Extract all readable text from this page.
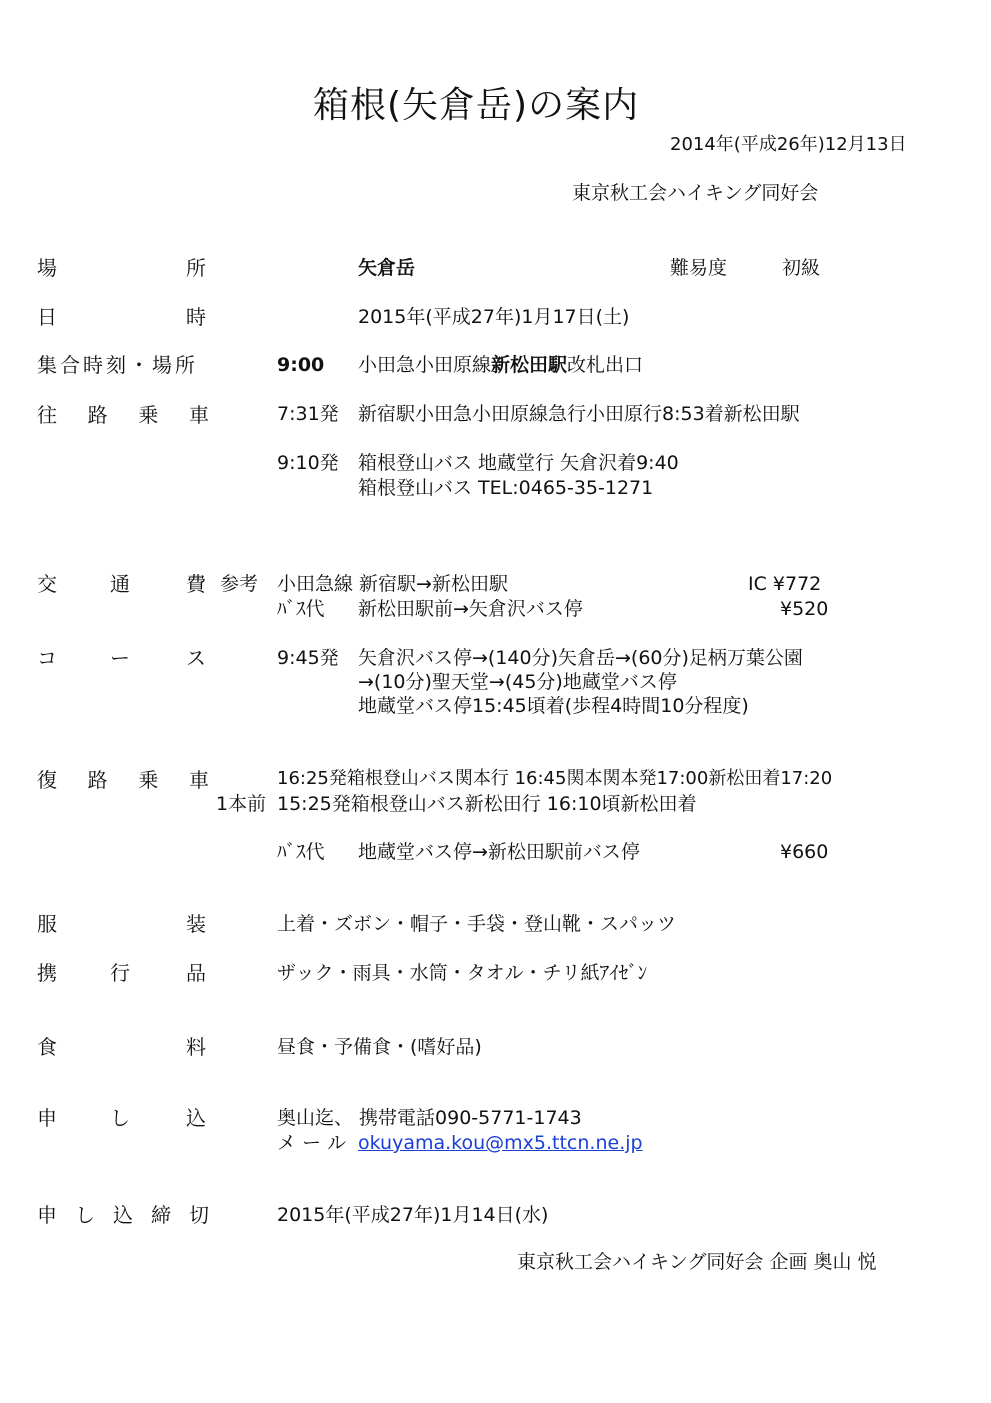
箱根(矢倉岳)の案内
2014年(平成26年)12月13日
東京秋工会ハイキング同好会
場	所	矢倉岳	難易度	初級
日	時	2015年(平成27年)1月17日(土)
集合時刻・場所	9:00 小田急小田原線新松田駅改札出口
往 路 乗 車	7:31発 新宿駅小田急小田原線急行小田原行8:53着新松田駅
9:10発 箱根登山バス 地蔵堂行 矢倉沢着9:40
箱根登山バス TEL:0465-35-1271
交	通	費 参考 小田急線 新宿駅→新松田駅	IC ¥772
ﾊﾞｽ代 新松田駅前→矢倉沢バス停	¥520
コ	ー	ス	9:45発 矢倉沢バス停→(140分)矢倉岳→(60分)足柄万葉公園
→(10分)聖天堂→(45分)地蔵堂バス停
地蔵堂バス停15:45頃着(歩程4時間10分程度)
復 路 乗 車	16:25発箱根登山バス関本行 16:45関本関本発17:00新松田着17:20
1本前 15:25発箱根登山バス新松田行 16:10頃新松田着
ﾊﾞｽ代 地蔵堂バス停→新松田駅前バス停	¥660
服	装	上着・ズボン・帽子・手袋・登山靴・スパッツ
携	行	品	ザック・雨具・水筒・タオル・チリ紙ｱｲｾﾞﾝ
食	料	昼食・予備食・(嗜好品)
申	し	込	奥山迄、 携帯電話090-5771-1743
メ ー ル okuyama.kou@mx5.ttcn.ne.jp
申 し 込 締 切	2015年(平成27年)1月14日(水)
東京秋工会ハイキング同好会 企画 奥山 悦
